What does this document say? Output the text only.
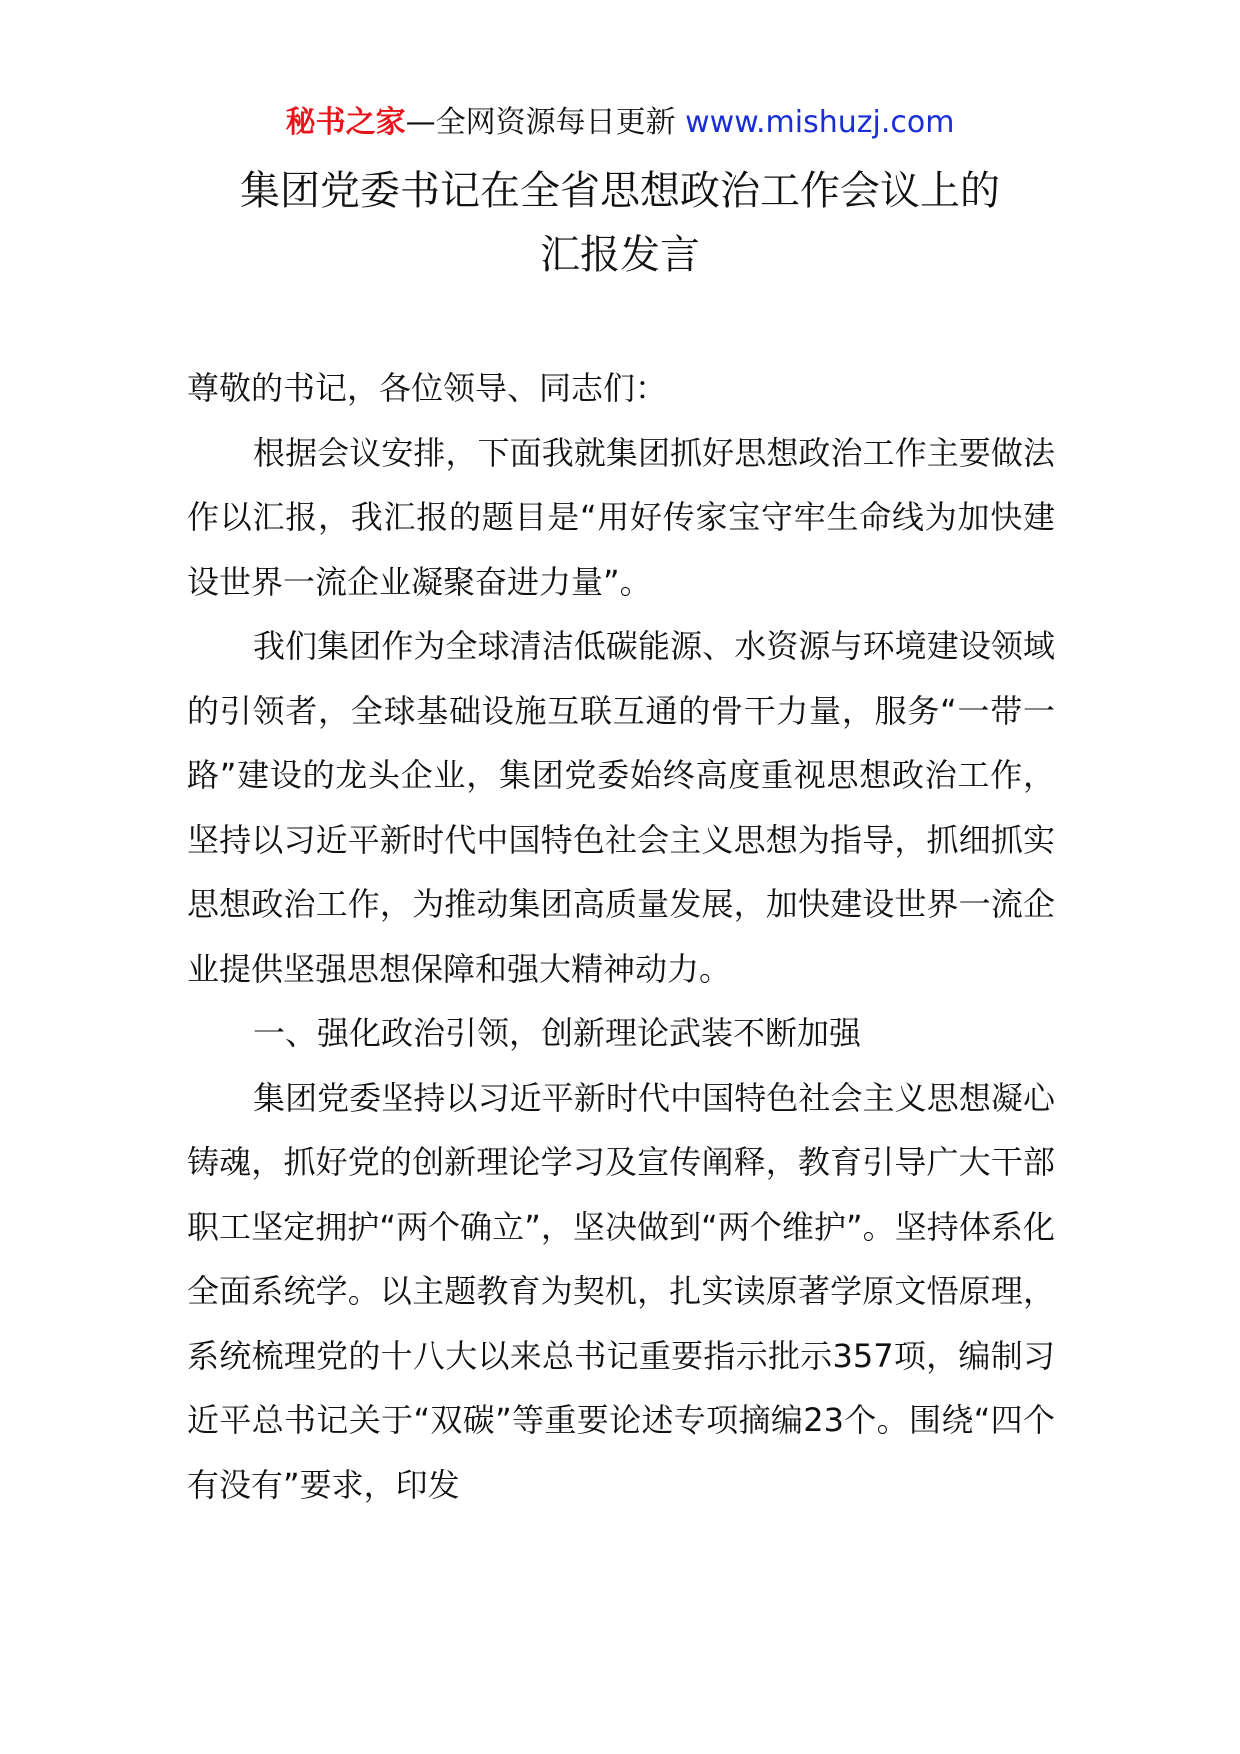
秘书之家—全网资源每日更新 www.mishuzj.com
集团党委书记在全省思想政治工作会议上的
汇报发言

尊敬的书记，各位领导、同志们：

根据会议安排，下面我就集团抓好思想政治工作主要做法作以汇报，我汇报的题目是“用好传家宝守牢生命线为加快建设世界一流企业凝聚奋进力量”。

我们集团作为全球清洁低碳能源、水资源与环境建设领域的引领者，全球基础设施互联互通的骨干力量，服务“一带一路”建设的龙头企业，集团党委始终高度重视思想政治工作，坚持以习近平新时代中国特色社会主义思想为指导，抓细抓实思想政治工作，为推动集团高质量发展，加快建设世界一流企业提供坚强思想保障和强大精神动力。

一、强化政治引领，创新理论武装不断加强

集团党委坚持以习近平新时代中国特色社会主义思想凝心铸魂，抓好党的创新理论学习及宣传阐释，教育引导广大干部职工坚定拥护“两个确立”，坚决做到“两个维护”。坚持体系化全面系统学。以主题教育为契机，扎实读原著学原文悟原理，系统梳理党的十八大以来总书记重要指示批示357项，编制习近平总书记关于“双碳”等重要论述专项摘编23个。围绕“四个有没有”要求，印发
